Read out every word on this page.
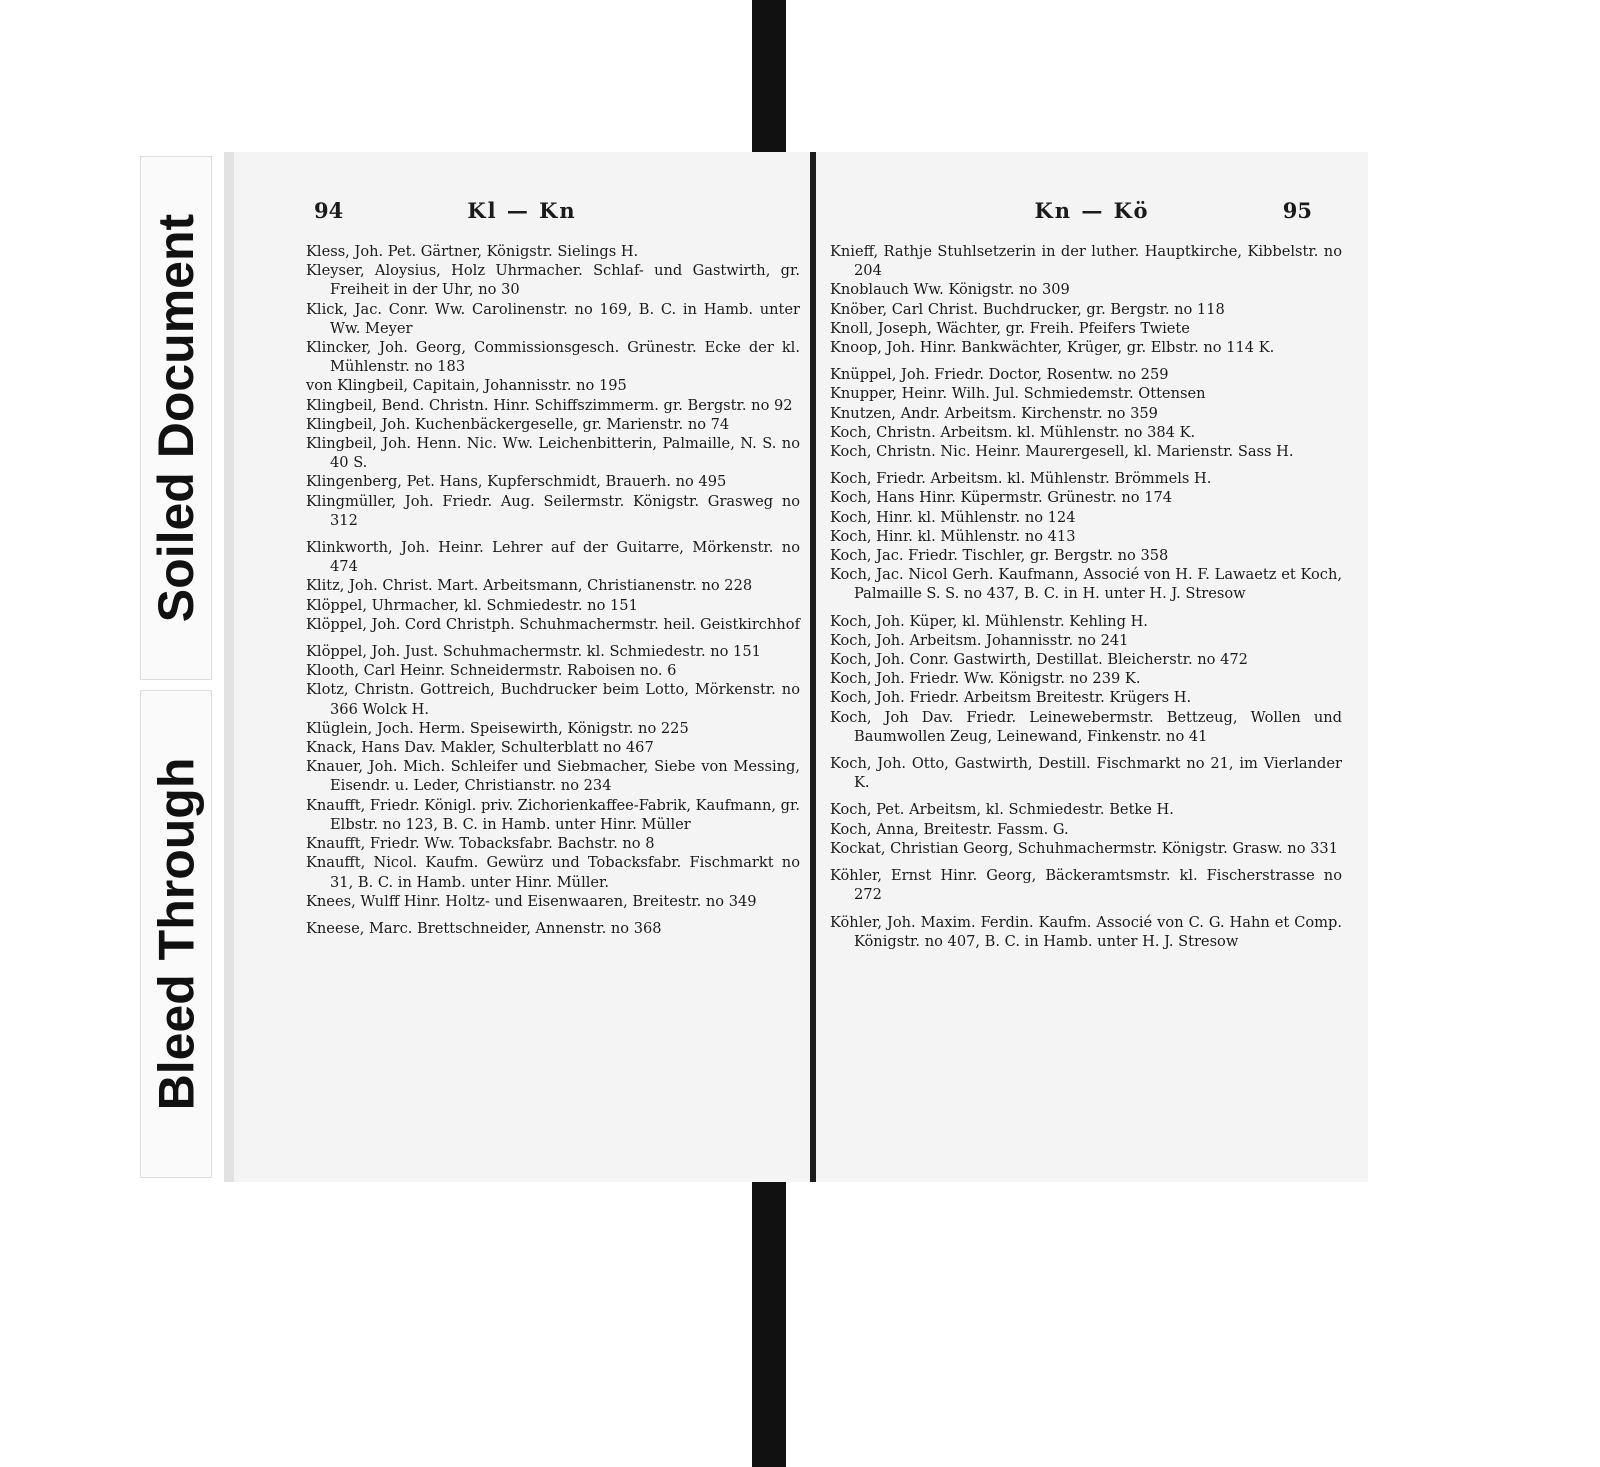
Soiled Document
Bleed Through
94	Kl — Kn
Kless, Joh. Pet. Gärtner, Königstr. Sielings H.
Kleyser, Aloysius, Holz Uhrmacher. Schlaf- und Gastwirth, gr. Freiheit in der Uhr, no 30
Klick, Jac. Conr. Ww. Carolinenstr. no 169, B. C. in Hamb. unter Ww. Meyer
Klincker, Joh. Georg, Commissionsgesch. Grünestr. Ecke der kl. Mühlenstr. no 183
von Klingbeil, Capitain, Johannisstr. no 195
Klingbeil, Bend. Christn. Hinr. Schiffszimmerm. gr. Bergstr. no 92
Klingbeil, Joh. Kuchenbäckergeselle, gr. Marienstr. no 74
Klingbeil, Joh. Henn. Nic. Ww. Leichenbitterin, Palmaille, N. S. no 40 S.
Klingenberg, Pet. Hans, Kupferschmidt, Brauerh. no 495
Klingmüller, Joh. Friedr. Aug. Seilermstr. Königstr. Grasweg no 312
Klinkworth, Joh. Heinr. Lehrer auf der Guitarre, Mörkenstr. no 474
Klitz, Joh. Christ. Mart. Arbeitsmann, Christianenstr. no 228
Klöppel, Uhrmacher, kl. Schmiedestr. no 151
Klöppel, Joh. Cord Christph. Schuhmachermstr. heil. Geistkirchhof
Klöppel, Joh. Just. Schuhmachermstr. kl. Schmiedestr. no 151
Klooth, Carl Heinr. Schneidermstr. Raboisen no. 6
Klotz, Christn. Gottreich, Buchdrucker beim Lotto, Mörkenstr. no 366 Wolck H.
Klüglein, Joch. Herm. Speisewirth, Königstr. no 225
Knack, Hans Dav. Makler, Schulterblatt no 467
Knauer, Joh. Mich. Schleifer und Siebmacher, Siebe von Messing, Eisendr. u. Leder, Christianstr. no 234
Knaufft, Friedr. Königl. priv. Zichorienkaffee-Fabrik, Kaufmann, gr. Elbstr. no 123, B. C. in Hamb. unter Hinr. Müller
Knaufft, Friedr. Ww. Tobacksfabr. Bachstr. no 8
Knaufft, Nicol. Kaufm. Gewürz und Tobacksfabr. Fischmarkt no 31, B. C. in Hamb. unter Hinr. Müller.
Knees, Wulff Hinr. Holtz- und Eisenwaaren, Breitestr. no 349
Kneese, Marc. Brettschneider, Annenstr. no 368
Kn — Kö	95
Knieff, Rathje Stuhlsetzerin in der luther. Hauptkirche, Kibbelstr. no 204
Knoblauch Ww. Königstr. no 309
Knöber, Carl Christ. Buchdrucker, gr. Bergstr. no 118
Knoll, Joseph, Wächter, gr. Freih. Pfeifers Twiete
Knoop, Joh. Hinr. Bankwächter, Krüger, gr. Elbstr. no 114 K.
Knüppel, Joh. Friedr. Doctor, Rosentw. no 259
Knupper, Heinr. Wilh. Jul. Schmiedemstr. Ottensen
Knutzen, Andr. Arbeitsm. Kirchenstr. no 359
Koch, Christn. Arbeitsm. kl. Mühlenstr. no 384 K.
Koch, Christn. Nic. Heinr. Maurergesell, kl. Marienstr. Sass H.
Koch, Friedr. Arbeitsm. kl. Mühlenstr. Brömmels H.
Koch, Hans Hinr. Küpermstr. Grünestr. no 174
Koch, Hinr. kl. Mühlenstr. no 124
Koch, Hinr. kl. Mühlenstr. no 413
Koch, Jac. Friedr. Tischler, gr. Bergstr. no 358
Koch, Jac. Nicol Gerh. Kaufmann, Associé von H. F. Lawaetz et Koch, Palmaille S. S. no 437, B. C. in H. unter H. J. Stresow
Koch, Joh. Küper, kl. Mühlenstr. Kehling H.
Koch, Joh. Arbeitsm. Johannisstr. no 241
Koch, Joh. Conr. Gastwirth, Destillat. Bleicherstr. no 472
Koch, Joh. Friedr. Ww. Königstr. no 239 K.
Koch, Joh. Friedr. Arbeitsm Breitestr. Krügers H.
Koch, Joh Dav. Friedr. Leinewebermstr. Bettzeug, Wollen und Baumwollen Zeug, Leinewand, Finkenstr. no 41
Koch, Joh. Otto, Gastwirth, Destill. Fischmarkt no 21, im Vierlander K.
Koch, Pet. Arbeitsm, kl. Schmiedestr. Betke H.
Koch, Anna, Breitestr. Fassm. G.
Kockat, Christian Georg, Schuhmachermstr. Königstr. Grasw. no 331
Köhler, Ernst Hinr. Georg, Bäckeramtsmstr. kl. Fischerstrasse no 272
Köhler, Joh. Maxim. Ferdin. Kaufm. Associé von C. G. Hahn et Comp. Königstr. no 407, B. C. in Hamb. unter H. J. Stresow
